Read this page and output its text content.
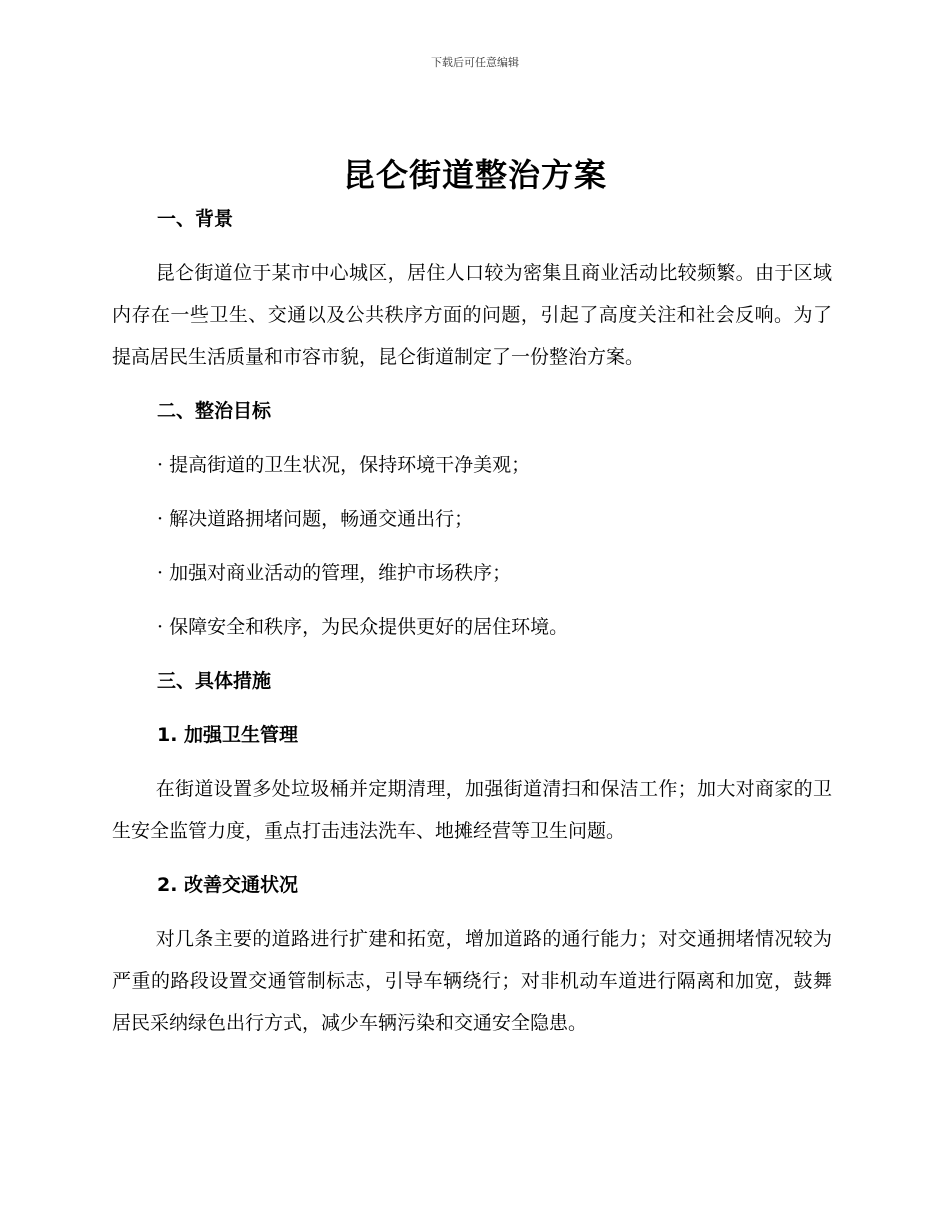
下载后可任意编辑
昆仑街道整治方案

一、背景

昆仑街道位于某市中心城区，居住人口较为密集且商业活动比较频繁。由于区域内存在一些卫生、交通以及公共秩序方面的问题，引起了高度关注和社会反响。为了提高居民生活质量和市容市貌，昆仑街道制定了一份整治方案。

二、整治目标

· 提高街道的卫生状况，保持环境干净美观；

· 解决道路拥堵问题，畅通交通出行；

· 加强对商业活动的管理，维护市场秩序；

· 保障安全和秩序，为民众提供更好的居住环境。

三、具体措施

1. 加强卫生管理

在街道设置多处垃圾桶并定期清理，加强街道清扫和保洁工作；加大对商家的卫生安全监管力度，重点打击违法洗车、地摊经营等卫生问题。

2. 改善交通状况

对几条主要的道路进行扩建和拓宽，增加道路的通行能力；对交通拥堵情况较为严重的路段设置交通管制标志，引导车辆绕行；对非机动车道进行隔离和加宽，鼓舞居民采纳绿色出行方式，减少车辆污染和交通安全隐患。
